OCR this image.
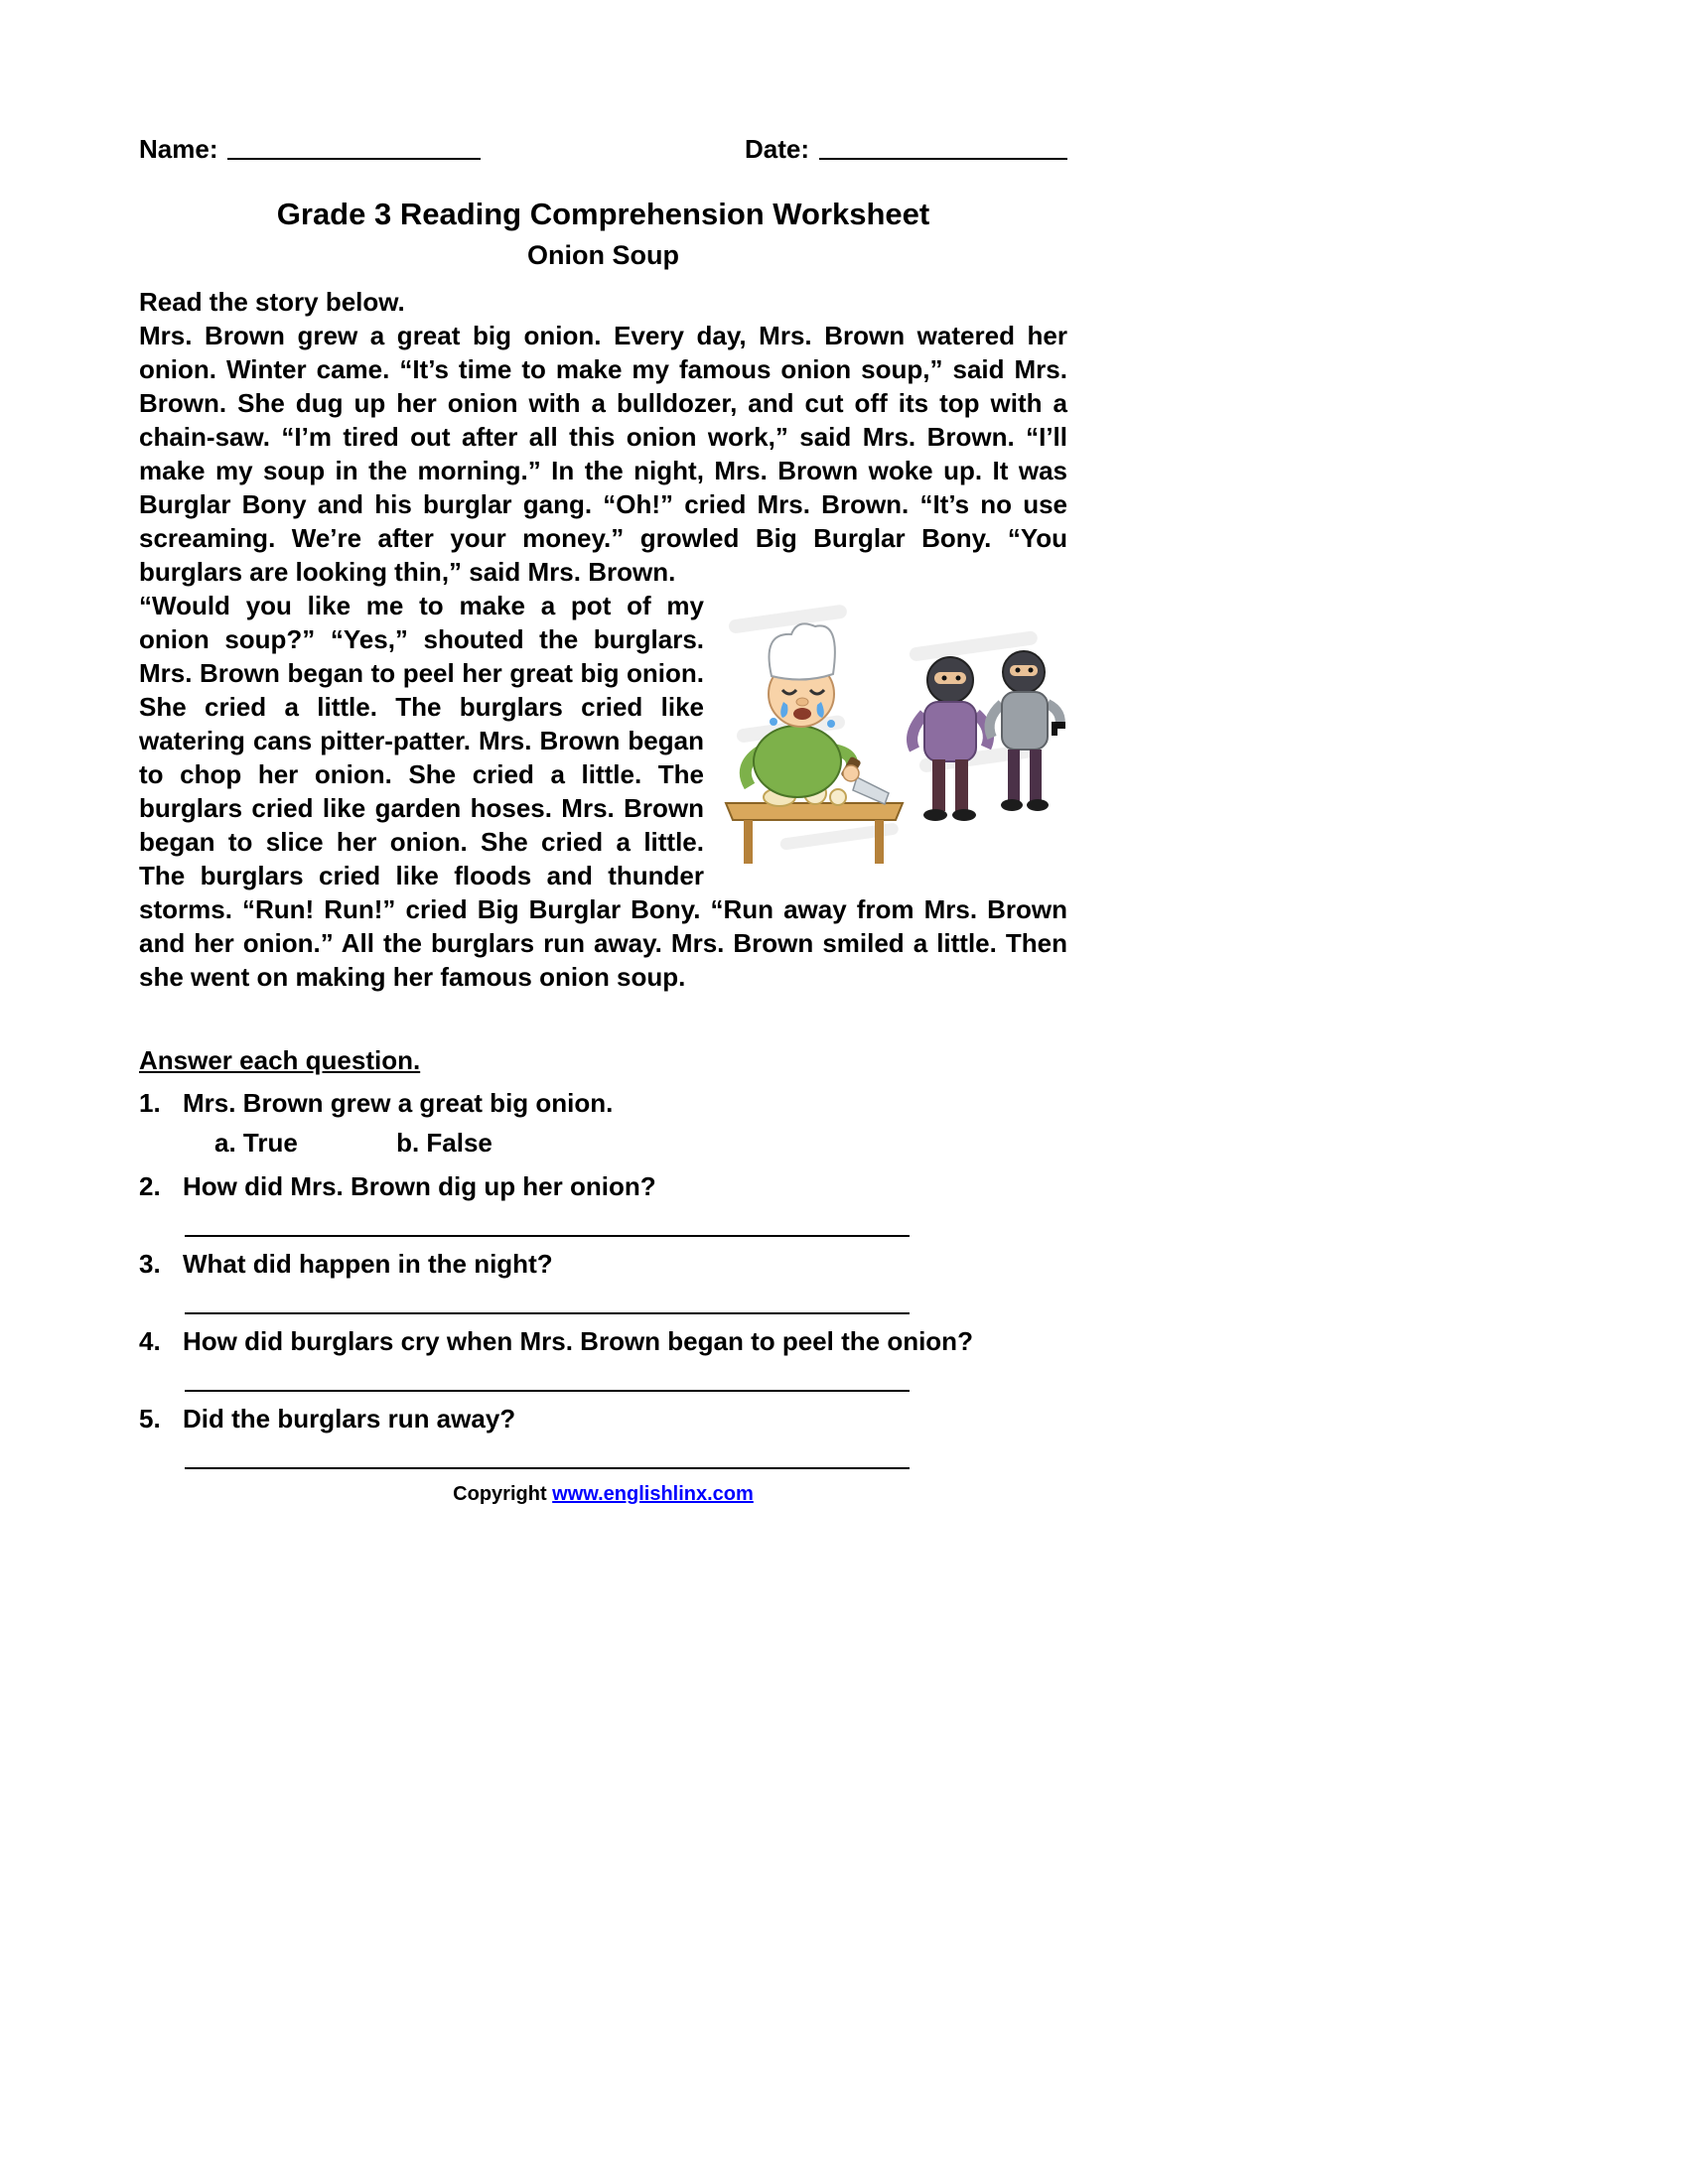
Name:	Date:
Grade 3 Reading Comprehension Worksheet
Onion Soup
Read the story below.
Mrs. Brown grew a great big onion. Every day, Mrs. Brown watered her onion. Winter came. “It’s time to make my famous onion soup,” said Mrs. Brown. She dug up her onion with a bulldozer, and cut off its top with a chain-saw. “I’m tired out after all this onion work,” said Mrs. Brown. “I’ll make my soup in the morning.” In the night, Mrs. Brown woke up. It was Burglar Bony and his burglar gang. “Oh!” cried Mrs. Brown. “It’s no use screaming. We’re after your money.” growled Big Burglar Bony. “You burglars are looking thin,” said Mrs. Brown.
“Would you like me to make a pot of my onion soup?” “Yes,” shouted the burglars. Mrs. Brown began to peel her great big onion. She cried a little. The burglars cried like watering cans pitter-patter. Mrs. Brown began to chop her onion. She cried a little. The burglars cried like garden hoses. Mrs. Brown began to slice her onion. She cried a little. The burglars cried like floods and thunder storms. “Run! Run!” cried Big Burglar Bony. “Run away from Mrs. Brown and her onion.” All the burglars run away. Mrs. Brown smiled a little. Then she went on making her famous onion soup.
Answer each question.
1. Mrs. Brown grew a great big onion.
a. True	b. False
2. How did Mrs. Brown dig up her onion?
3. What did happen in the night?
4. How did burglars cry when Mrs. Brown began to peel the onion?
5. Did the burglars run away?
Copyright www.englishlinx.com
